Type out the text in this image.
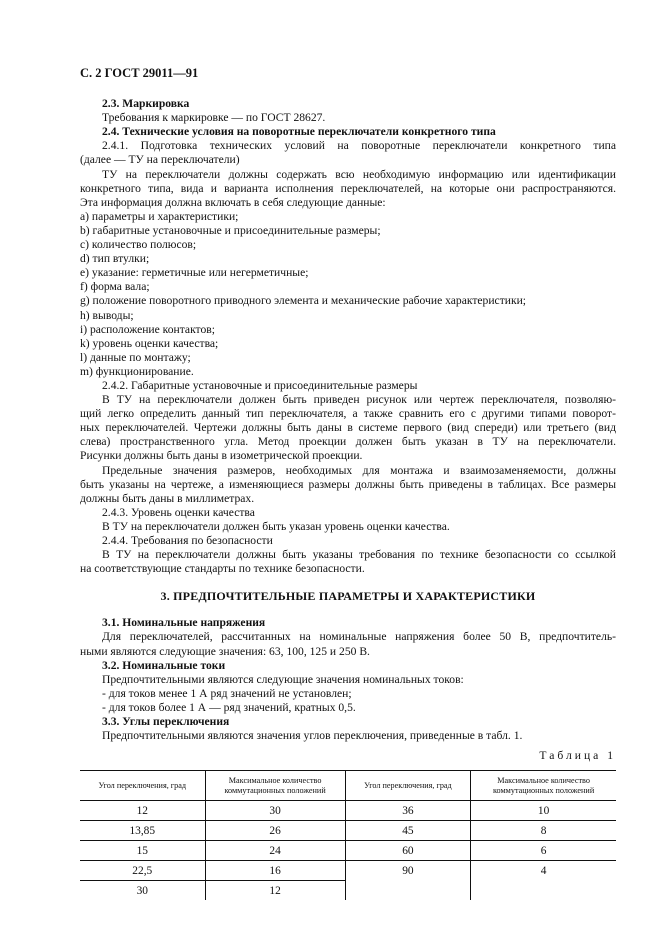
С. 2 ГОСТ 29011—91
2.3. Маркировка
Требования к маркировке — по ГОСТ 28627.
2.4. Технические условия на поворотные переключатели конкретного типа
2.4.1. Подготовка технических условий на поворотные переключатели конкретного типа
(далее — ТУ на переключатели)
ТУ на переключатели должны содержать всю необходимую информацию или идентификации
конкретного типа, вида и варианта исполнения переключателей, на которые они распространяются.
Эта информация должна включать в себя следующие данные:
a) параметры и характеристики;
b) габаритные установочные и присоединительные размеры;
c) количество полюсов;
d) тип втулки;
e) указание: герметичные или негерметичные;
f) форма вала;
g) положение поворотного приводного элемента и механические рабочие характеристики;
h) выводы;
i) расположение контактов;
k) уровень оценки качества;
l) данные по монтажу;
m) функционирование.
2.4.2. Габаритные установочные и присоединительные размеры
В ТУ на переключатели должен быть приведен рисунок или чертеж переключателя, позволяю-
щий легко определить данный тип переключателя, а также сравнить его с другими типами поворот-
ных переключателей. Чертежи должны быть даны в системе первого (вид спереди) или третьего (вид
слева) пространственного угла. Метод проекции должен быть указан в ТУ на переключатели.
Рисунки должны быть даны в изометрической проекции.
Предельные значения размеров, необходимых для монтажа и взаимозаменяемости, должны
быть указаны на чертеже, а изменяющиеся размеры должны быть приведены в таблицах. Все размеры
должны быть даны в миллиметрах.
2.4.3. Уровень оценки качества
В ТУ на переключатели должен быть указан уровень оценки качества.
2.4.4. Требования по безопасности
В ТУ на переключатели должны быть указаны требования по технике безопасности со ссылкой
на соответствующие стандарты по технике безопасности.
3. ПРЕДПОЧТИТЕЛЬНЫЕ ПАРАМЕТРЫ И ХАРАКТЕРИСТИКИ
3.1. Номинальные напряжения
Для переключателей, рассчитанных на номинальные напряжения более 50 В, предпочтитель-
ными являются следующие значения: 63, 100, 125 и 250 В.
3.2. Номинальные токи
Предпочтительными являются следующие значения номинальных токов:
- для токов менее 1 А ряд значений не установлен;
- для токов более 1 А — ряд значений, кратных 0,5.
3.3. Углы переключения
Предпочтительными являются значения углов переключения, приведенные в табл. 1.
Таблица 1
Угол переключения, град	Максимальное количество коммутационных положений	Угол переключения, град	Максимальное количество коммутационных положений
12	30	36	10
13,85	26	45	8
15	24	60	6
22,5	16	90	4
30	12		
